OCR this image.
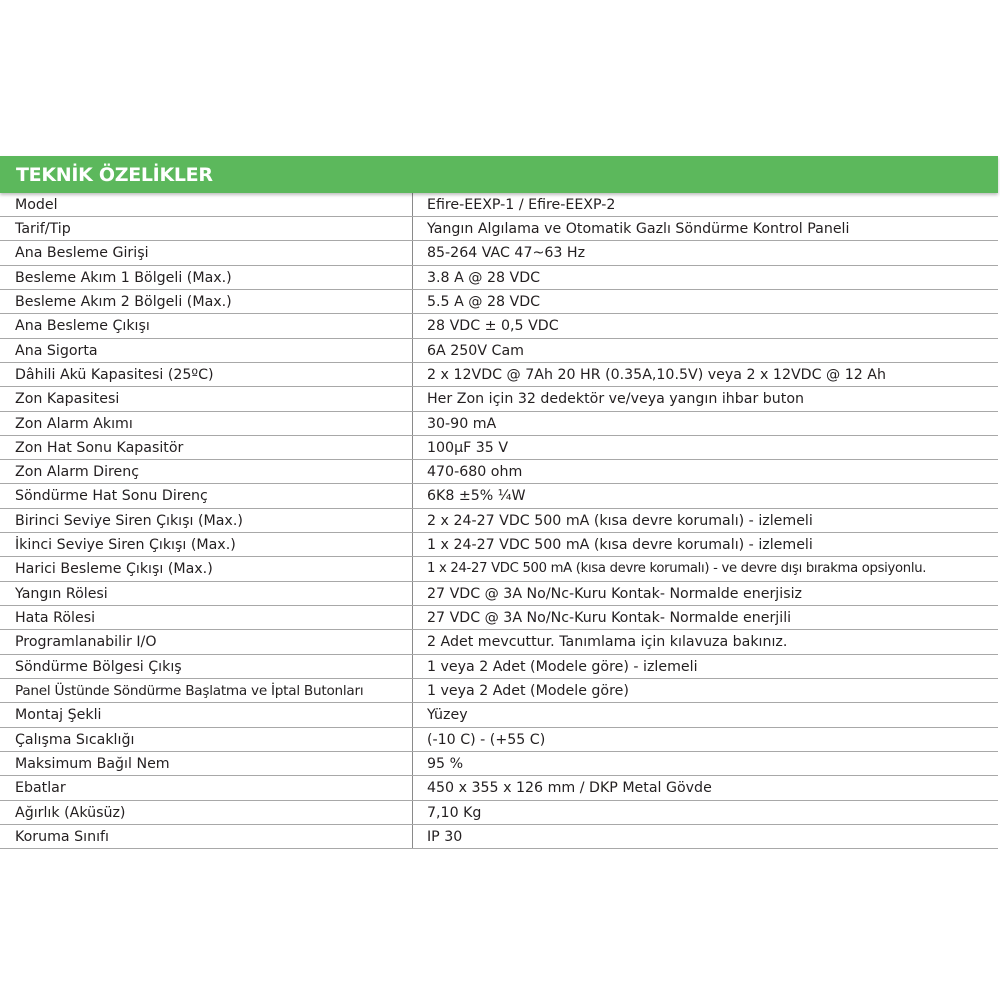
TEKNİK ÖZELİKLER
Model	Efire-EEXP-1 / Efire-EEXP-2
Tarif/Tip	Yangın Algılama ve Otomatik Gazlı Söndürme Kontrol Paneli
Ana Besleme Girişi	85-264 VAC 47~63 Hz
Besleme Akım 1 Bölgeli (Max.)	3.8 A @ 28 VDC
Besleme Akım 2 Bölgeli (Max.)	5.5 A @ 28 VDC
Ana Besleme Çıkışı	28 VDC ± 0,5 VDC
Ana Sigorta	6A 250V Cam
Dâhili Akü Kapasitesi (25ºC)	2 x 12VDC @ 7Ah 20 HR (0.35A,10.5V) veya 2 x 12VDC @ 12 Ah
Zon Kapasitesi	Her Zon için 32 dedektör ve/veya yangın ihbar buton
Zon Alarm Akımı	30-90 mA
Zon Hat Sonu Kapasitör	100µF 35 V
Zon Alarm Direnç	470-680 ohm
Söndürme Hat Sonu Direnç	6K8 ±5% ¼W
Birinci Seviye Siren Çıkışı (Max.)	2 x 24-27 VDC 500 mA (kısa devre korumalı) - izlemeli
İkinci Seviye Siren Çıkışı (Max.)	1 x 24-27 VDC 500 mA (kısa devre korumalı) - izlemeli
Harici Besleme Çıkışı (Max.)	1 x 24-27 VDC 500 mA (kısa devre korumalı) - ve devre dışı bırakma opsiyonlu.
Yangın Rölesi	27 VDC @ 3A No/Nc-Kuru Kontak- Normalde enerjisiz
Hata Rölesi	27 VDC @ 3A No/Nc-Kuru Kontak- Normalde enerjili
Programlanabilir I/O	2 Adet mevcuttur. Tanımlama için kılavuza bakınız.
Söndürme Bölgesi Çıkış	1 veya 2 Adet (Modele göre) - izlemeli
Panel Üstünde Söndürme Başlatma ve İptal Butonları	1 veya 2 Adet (Modele göre)
Montaj Şekli	Yüzey
Çalışma Sıcaklığı	(-10 C) - (+55 C)
Maksimum Bağıl Nem	95 %
Ebatlar	450 x 355 x 126 mm / DKP Metal Gövde
Ağırlık (Aküsüz)	7,10 Kg
Koruma Sınıfı	IP 30
